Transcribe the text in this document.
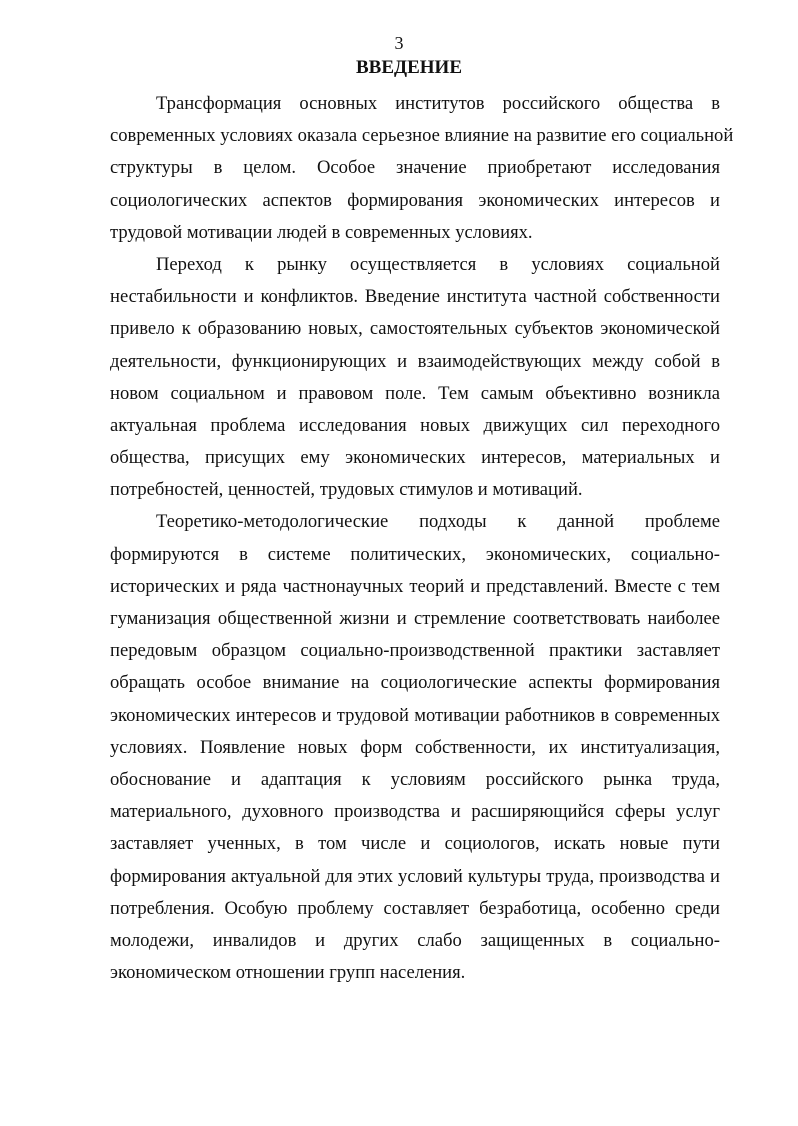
3
ВВЕДЕНИЕ

Трансформация основных институтов российского общества в
современных условиях оказала серьезное влияние на развитие его социальной
структуры в целом. Особое значение приобретают исследования
социологических аспектов формирования экономических интересов и
трудовой мотивации людей в современных условиях.

Переход к рынку осуществляется в условиях социальной
нестабильности и конфликтов. Введение института частной собственности
привело к образованию новых, самостоятельных субъектов экономической
деятельности, функционирующих и взаимодействующих между собой в
новом социальном и правовом поле. Тем самым объективно возникла
актуальная проблема исследования новых движущих сил переходного
общества, присущих ему экономических интересов, материальных и
потребностей, ценностей, трудовых стимулов и мотиваций.

Теоретико-методологические подходы к данной проблеме
формируются в системе политических, экономических, социально-
исторических и ряда частнонаучных теорий и представлений. Вместе с тем
гуманизация общественной жизни и стремление соответствовать наиболее
передовым образцом социально-производственной практики заставляет
обращать особое внимание на социологические аспекты формирования
экономических интересов и трудовой мотивации работников в современных
условиях. Появление новых форм собственности, их институализация,
обоснование и адаптация к условиям российского рынка труда,
материального, духовного производства и расширяющийся сферы услуг
заставляет ученных, в том числе и социологов, искать новые пути
формирования актуальной для этих условий культуры труда, производства и
потребления. Особую проблему составляет безработица, особенно среди
молодежи, инвалидов и других слабо защищенных в социально-
экономическом отношении групп населения.
